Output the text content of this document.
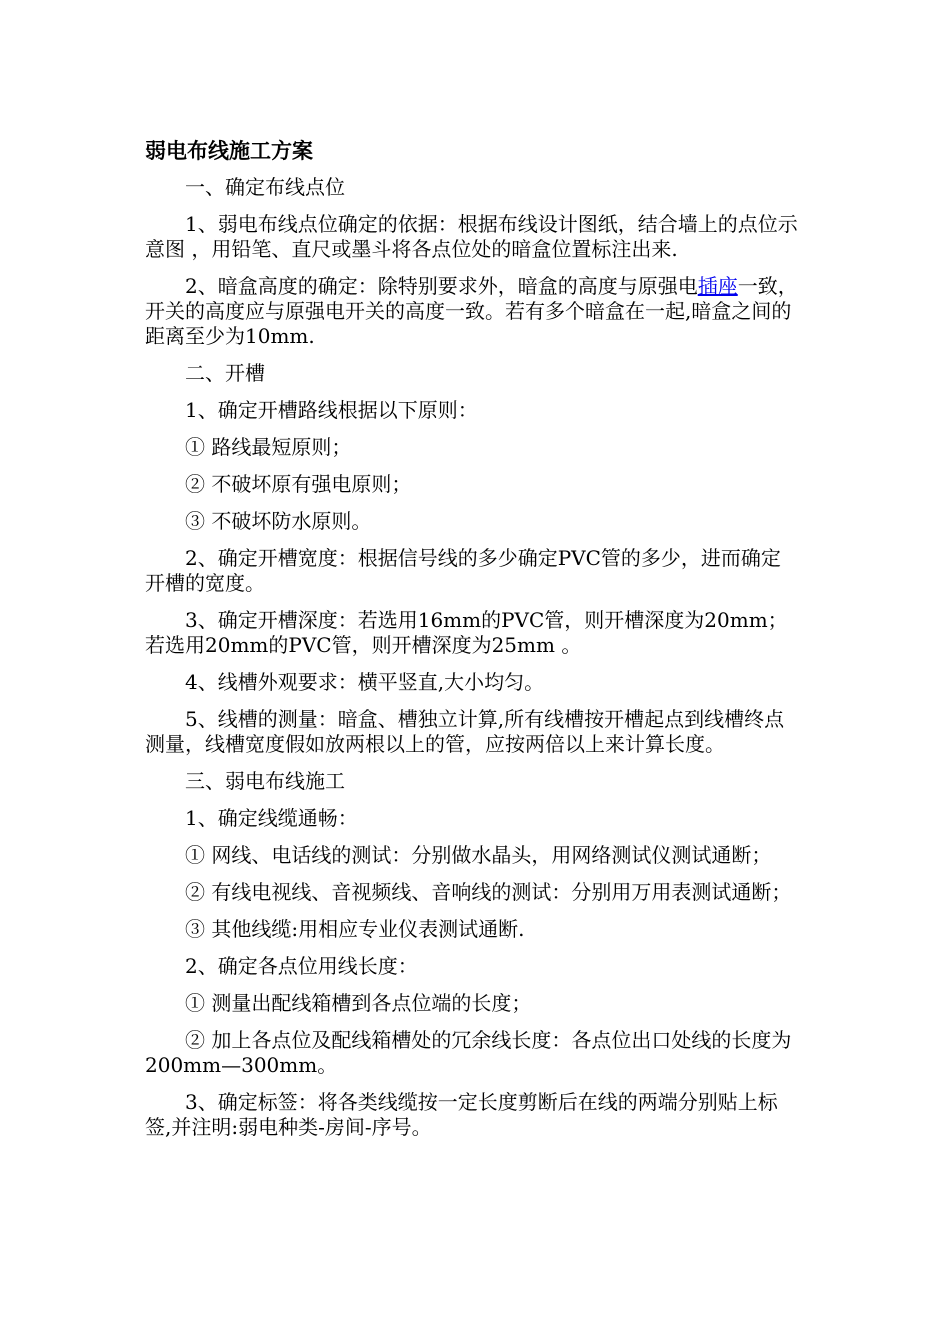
弱电布线施工方案

一、确定布线点位

1、弱电布线点位确定的依据：根据布线设计图纸，结合墙上的点位示意图 ，用铅笔、直尺或墨斗将各点位处的暗盒位置标注出来.

2、暗盒高度的确定：除特别要求外，暗盒的高度与原强电插座一致，开关的高度应与原强电开关的高度一致。若有多个暗盒在一起,暗盒之间的距离至少为10mm.

二、开槽

1、确定开槽路线根据以下原则：

① 路线最短原则；

② 不破坏原有强电原则；

③ 不破坏防水原则。

2、确定开槽宽度：根据信号线的多少确定PVC管的多少，进而确定开槽的宽度。

3、确定开槽深度：若选用16mm的PVC管，则开槽深度为20mm；若选用20mm的PVC管，则开槽深度为25mm 。

4、线槽外观要求：横平竖直,大小均匀。

5、线槽的测量：暗盒、槽独立计算,所有线槽按开槽起点到线槽终点测量，线槽宽度假如放两根以上的管，应按两倍以上来计算长度。

三、弱电布线施工

1、确定线缆通畅：

① 网线、电话线的测试：分别做水晶头，用网络测试仪测试通断；

② 有线电视线、音视频线、音响线的测试：分别用万用表测试通断；

③ 其他线缆:用相应专业仪表测试通断.

2、确定各点位用线长度：

① 测量出配线箱槽到各点位端的长度；

② 加上各点位及配线箱槽处的冗余线长度：各点位出口处线的长度为200mm—300mm。

3、确定标签：将各类线缆按一定长度剪断后在线的两端分别贴上标签,并注明:弱电种类-房间-序号。
